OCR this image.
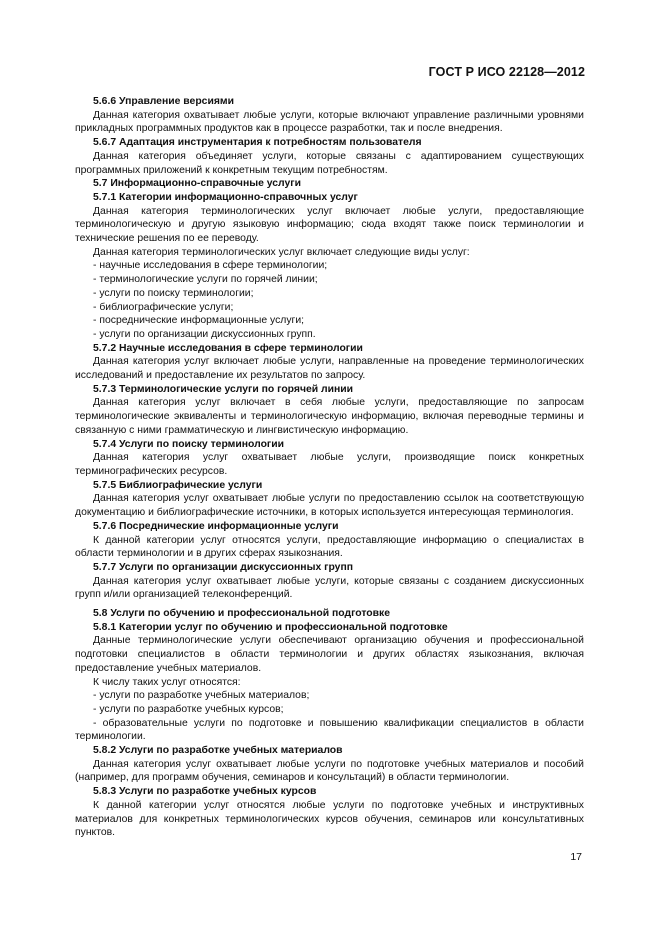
ГОСТ Р ИСО 22128—2012
5.6.6 Управление версиями

Данная категория охватывает любые услуги, которые включают управление различными уровнями прикладных программных продуктов как в процессе разработки, так и после внедрения.

5.6.7 Адаптация инструментария к потребностям пользователя

Данная категория объединяет услуги, которые связаны с адаптированием существующих программных приложений к конкретным текущим потребностям.

5.7 Информационно-справочные услуги
5.7.1 Категории информационно-справочных услуг

Данная категория терминологических услуг включает любые услуги, предоставляющие терминологическую и другую языковую информацию; сюда входят также поиск терминологии и технические решения по ее переводу.

Данная категория терминологических услуг включает следующие виды услуг:

- научные исследования в сфере терминологии;

- терминологические услуги по горячей линии;

- услуги по поиску терминологии;

- библиографические услуги;

- посреднические информационные услуги;

- услуги по организации дискуссионных групп.

5.7.2 Научные исследования в сфере терминологии

Данная категория услуг включает любые услуги, направленные на проведение терминологических исследований и предоставление их результатов по запросу.

5.7.3 Терминологические услуги по горячей линии

Данная категория услуг включает в себя любые услуги, предоставляющие по запросам терминологические эквиваленты и терминологическую информацию, включая переводные термины и связанную с ними грамматическую и лингвистическую информацию.

5.7.4 Услуги по поиску терминологии

Данная категория услуг охватывает любые услуги, производящие поиск конкретных терминографических ресурсов.

5.7.5 Библиографические услуги

Данная категория услуг охватывает любые услуги по предоставлению ссылок на соответствующую документацию и библиографические источники, в которых используется интересующая терминология.

5.7.6 Посреднические информационные услуги

К данной категории услуг относятся услуги, предоставляющие информацию о специалистах в области терминологии и в других сферах языкознания.

5.7.7 Услуги по организации дискуссионных групп

Данная категория услуг охватывает любые услуги, которые связаны с созданием дискуссионных групп и/или организацией телеконференций.

5.8 Услуги по обучению и профессиональной подготовке
5.8.1 Категории услуг по обучению и профессиональной подготовке

Данные терминологические услуги обеспечивают организацию обучения и профессиональной подготовки специалистов в области терминологии и других областях языкознания, включая предоставление учебных материалов.

К числу таких услуг относятся:

- услуги по разработке учебных материалов;

- услуги по разработке учебных курсов;

- образовательные услуги по подготовке и повышению квалификации специалистов в области терминологии.

5.8.2 Услуги по разработке учебных материалов

Данная категория услуг охватывает любые услуги по подготовке учебных материалов и пособий (например, для программ обучения, семинаров и консультаций) в области терминологии.

5.8.3 Услуги по разработке учебных курсов

К данной категории услуг относятся любые услуги по подготовке учебных и инструктивных материалов для конкретных терминологических курсов обучения, семинаров или консультативных пунктов.

17
